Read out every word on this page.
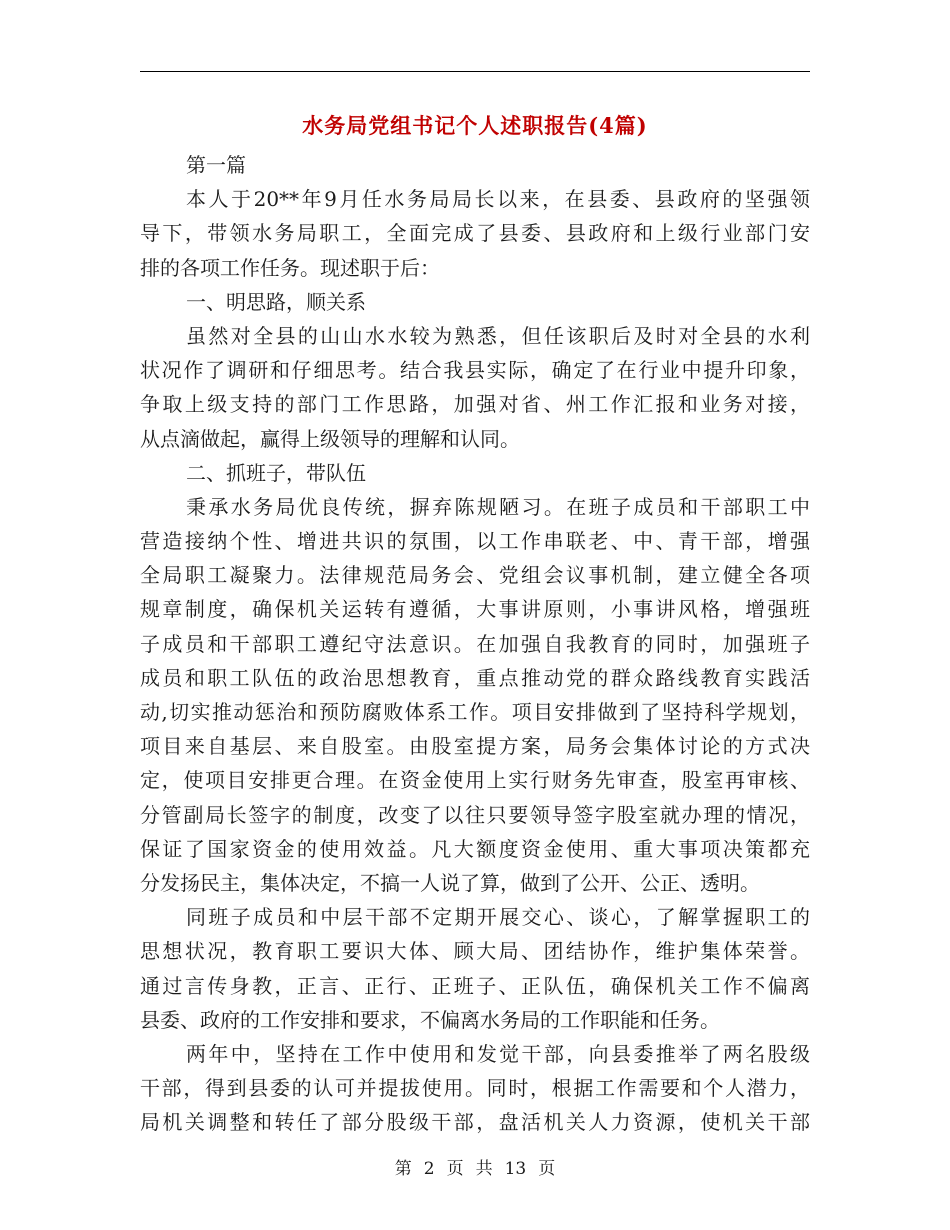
水务局党组书记个人述职报告(4篇)
第一篇
本人于20**年9月任水务局局长以来，在县委、县政府的坚强领
导下，带领水务局职工，全面完成了县委、县政府和上级行业部门安
排的各项工作任务。现述职于后：
一、明思路，顺关系
虽然对全县的山山水水较为熟悉，但任该职后及时对全县的水利
状况作了调研和仔细思考。结合我县实际，确定了在行业中提升印象，
争取上级支持的部门工作思路，加强对省、州工作汇报和业务对接，
从点滴做起，赢得上级领导的理解和认同。
二、抓班子，带队伍
秉承水务局优良传统，摒弃陈规陋习。在班子成员和干部职工中
营造接纳个性、增进共识的氛围，以工作串联老、中、青干部，增强
全局职工凝聚力。法律规范局务会、党组会议事机制，建立健全各项
规章制度，确保机关运转有遵循，大事讲原则，小事讲风格，增强班
子成员和干部职工遵纪守法意识。在加强自我教育的同时，加强班子
成员和职工队伍的政治思想教育，重点推动党的群众路线教育实践活
动,切实推动惩治和预防腐败体系工作。项目安排做到了坚持科学规划，
项目来自基层、来自股室。由股室提方案，局务会集体讨论的方式决
定，使项目安排更合理。在资金使用上实行财务先审查，股室再审核、
分管副局长签字的制度，改变了以往只要领导签字股室就办理的情况，
保证了国家资金的使用效益。凡大额度资金使用、重大事项决策都充
分发扬民主，集体决定，不搞一人说了算，做到了公开、公正、透明。
同班子成员和中层干部不定期开展交心、谈心，了解掌握职工的
思想状况，教育职工要识大体、顾大局、团结协作，维护集体荣誉。
通过言传身教，正言、正行、正班子、正队伍，确保机关工作不偏离
县委、政府的工作安排和要求，不偏离水务局的工作职能和任务。
两年中，坚持在工作中使用和发觉干部，向县委推举了两名股级
干部，得到县委的认可并提拔使用。同时，根据工作需要和个人潜力，
局机关调整和转任了部分股级干部，盘活机关人力资源，使机关干部
第 2 页 共 13 页
